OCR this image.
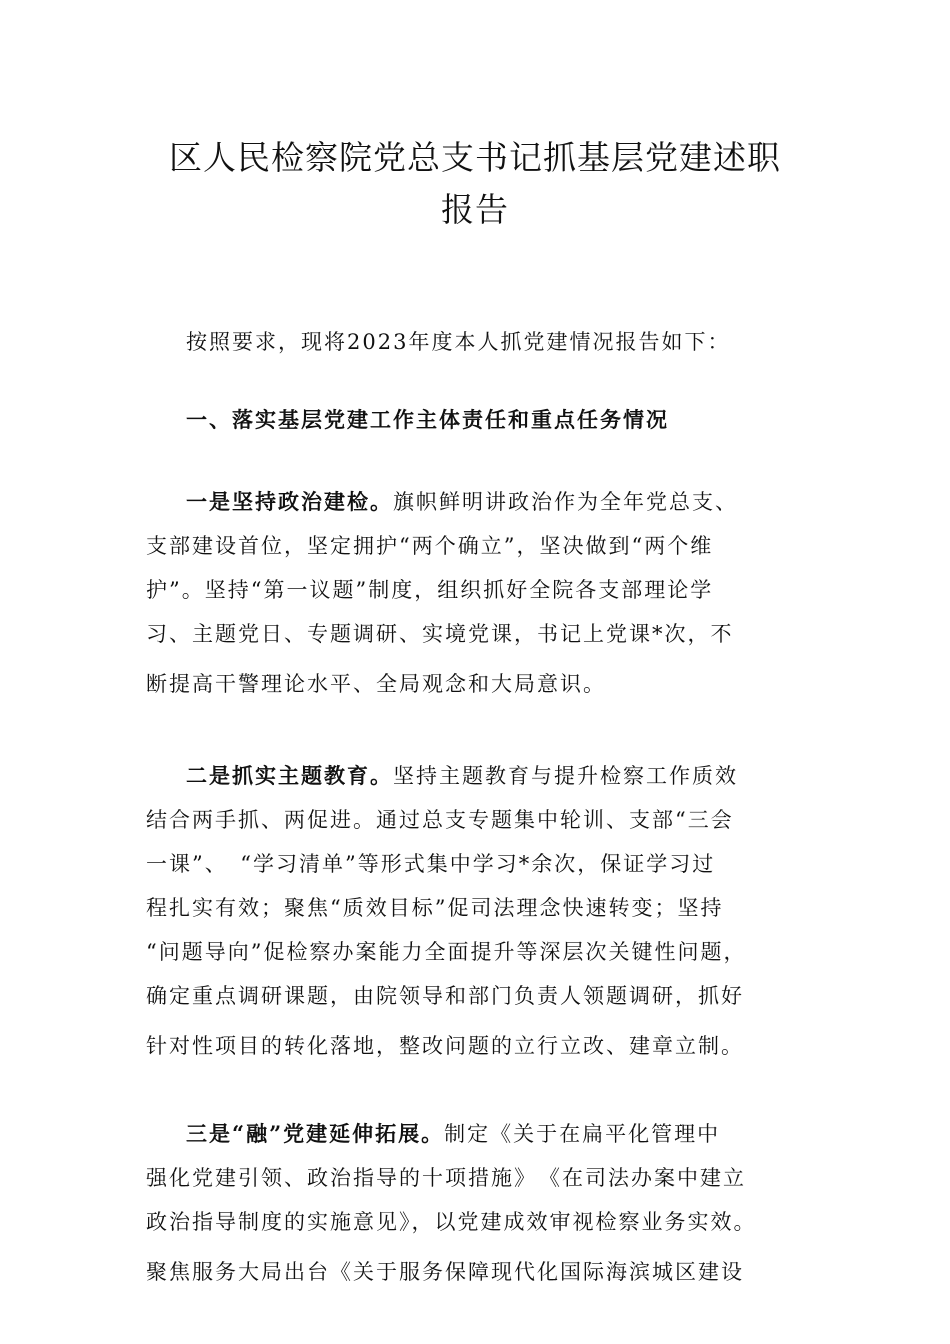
区人民检察院党总支书记抓基层党建述职
报告

按照要求，现将2023年度本人抓党建情况报告如下：

一、落实基层党建工作主体责任和重点任务情况

一是坚持政治建检。旗帜鲜明讲政治作为全年党总支、
支部建设首位，坚定拥护“两个确立”，坚决做到“两个维
护”。坚持“第一议题”制度，组织抓好全院各支部理论学
习、主题党日、专题调研、实境党课，书记上党课*次，不
断提高干警理论水平、全局观念和大局意识。
二是抓实主题教育。坚持主题教育与提升检察工作质效
结合两手抓、两促进。通过总支专题集中轮训、支部“三会
一课”、　“学习清单”等形式集中学习*余次，保证学习过
程扎实有效；聚焦“质效目标”促司法理念快速转变；坚持
“问题导向”促检察办案能力全面提升等深层次关键性问题，
确定重点调研课题，由院领导和部门负责人领题调研，抓好
针对性项目的转化落地，整改问题的立行立改、建章立制。
三是“融”党建延伸拓展。制定《关于在扁平化管理中
强化党建引领、政治指导的十项措施》　《在司法办案中建立
政治指导制度的实施意见》，以党建成效审视检察业务实效。
聚焦服务大局出台《关于服务保障现代化国际海滨城区建设
